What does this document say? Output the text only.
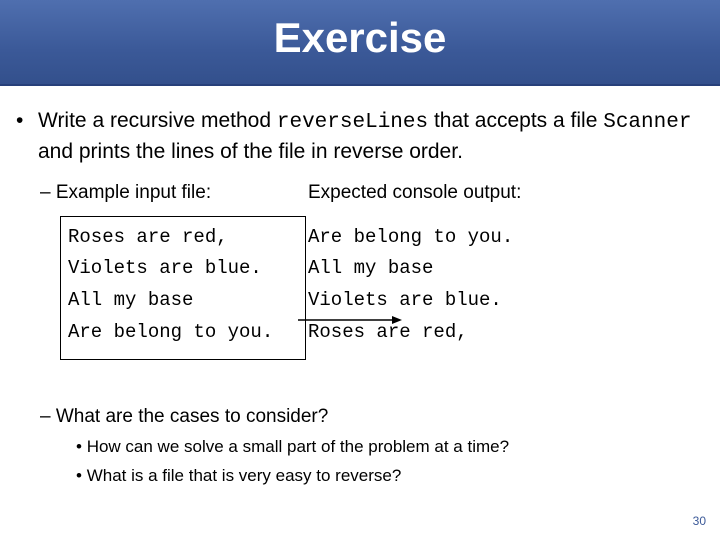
Exercise
• Write a recursive method reverseLines that accepts a file Scanner and prints the lines of the file in reverse order.
– Example input file:	Expected console output:
Roses are red,
Violets are blue.
All my base
Are belong to you.
Are belong to you.
All my base
Violets are blue.
Roses are red,
– What are the cases to consider?
• How can we solve a small part of the problem at a time?
• What is a file that is very easy to reverse?
30
